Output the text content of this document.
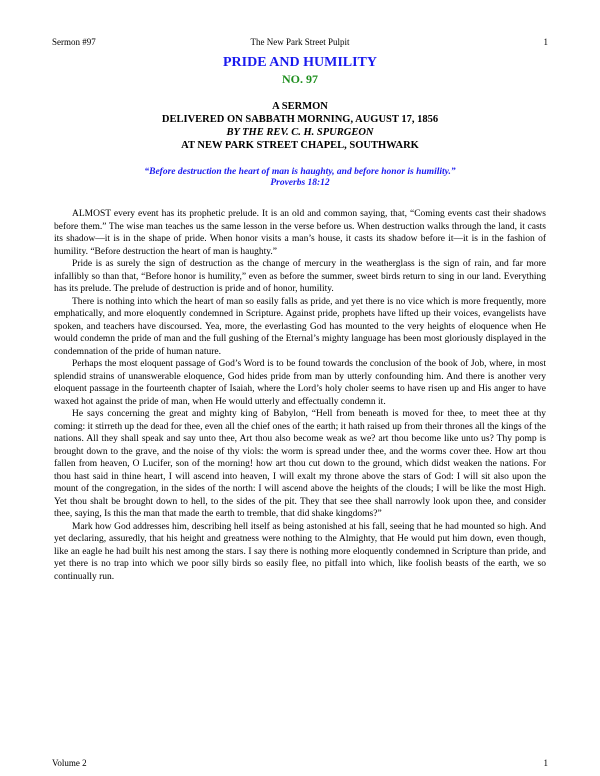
Sermon #97	The New Park Street Pulpit	1
PRIDE AND HUMILITY
NO. 97
A SERMON
DELIVERED ON SABBATH MORNING, AUGUST 17, 1856
BY THE REV. C. H. SPURGEON
AT NEW PARK STREET CHAPEL, SOUTHWARK
“Before destruction the heart of man is haughty, and before honor is humility.”
Proverbs 18:12

ALMOST every event has its prophetic prelude. It is an old and common saying, that, “Coming events cast their shadows before them.” The wise man teaches us the same lesson in the verse before us. When destruction walks through the land, it casts its shadow—it is in the shape of pride. When honor visits a man’s house, it casts its shadow before it—it is in the fashion of humility. “Before destruction the heart of man is haughty.”

Pride is as surely the sign of destruction as the change of mercury in the weatherglass is the sign of rain, and far more infallibly so than that, “Before honor is humility,” even as before the summer, sweet birds return to sing in our land. Everything has its prelude. The prelude of destruction is pride and of honor, humility.

There is nothing into which the heart of man so easily falls as pride, and yet there is no vice which is more frequently, more emphatically, and more eloquently condemned in Scripture. Against pride, prophets have lifted up their voices, evangelists have spoken, and teachers have discoursed. Yea, more, the everlasting God has mounted to the very heights of eloquence when He would condemn the pride of man and the full gushing of the Eternal’s mighty language has been most gloriously displayed in the condemnation of the pride of human nature.

Perhaps the most eloquent passage of God’s Word is to be found towards the conclusion of the book of Job, where, in most splendid strains of unanswerable eloquence, God hides pride from man by utterly confounding him. And there is another very eloquent passage in the fourteenth chapter of Isaiah, where the Lord’s holy choler seems to have risen up and His anger to have waxed hot against the pride of man, when He would utterly and effectually condemn it.

He says concerning the great and mighty king of Babylon, “Hell from beneath is moved for thee, to meet thee at thy coming: it stirreth up the dead for thee, even all the chief ones of the earth; it hath raised up from their thrones all the kings of the nations. All they shall speak and say unto thee, Art thou also become weak as we? art thou become like unto us? Thy pomp is brought down to the grave, and the noise of thy viols: the worm is spread under thee, and the worms cover thee. How art thou fallen from heaven, O Lucifer, son of the morning! how art thou cut down to the ground, which didst weaken the nations. For thou hast said in thine heart, I will ascend into heaven, I will exalt my throne above the stars of God: I will sit also upon the mount of the congregation, in the sides of the north: I will ascend above the heights of the clouds; I will be like the most High. Yet thou shalt be brought down to hell, to the sides of the pit. They that see thee shall narrowly look upon thee, and consider thee, saying, Is this the man that made the earth to tremble, that did shake kingdoms?”

Mark how God addresses him, describing hell itself as being astonished at his fall, seeing that he had mounted so high. And yet declaring, assuredly, that his height and greatness were nothing to the Almighty, that He would put him down, even though, like an eagle he had built his nest among the stars. I say there is nothing more eloquently condemned in Scripture than pride, and yet there is no trap into which we poor silly birds so easily flee, no pitfall into which, like foolish beasts of the earth, we so continually run.

Volume 2	1
